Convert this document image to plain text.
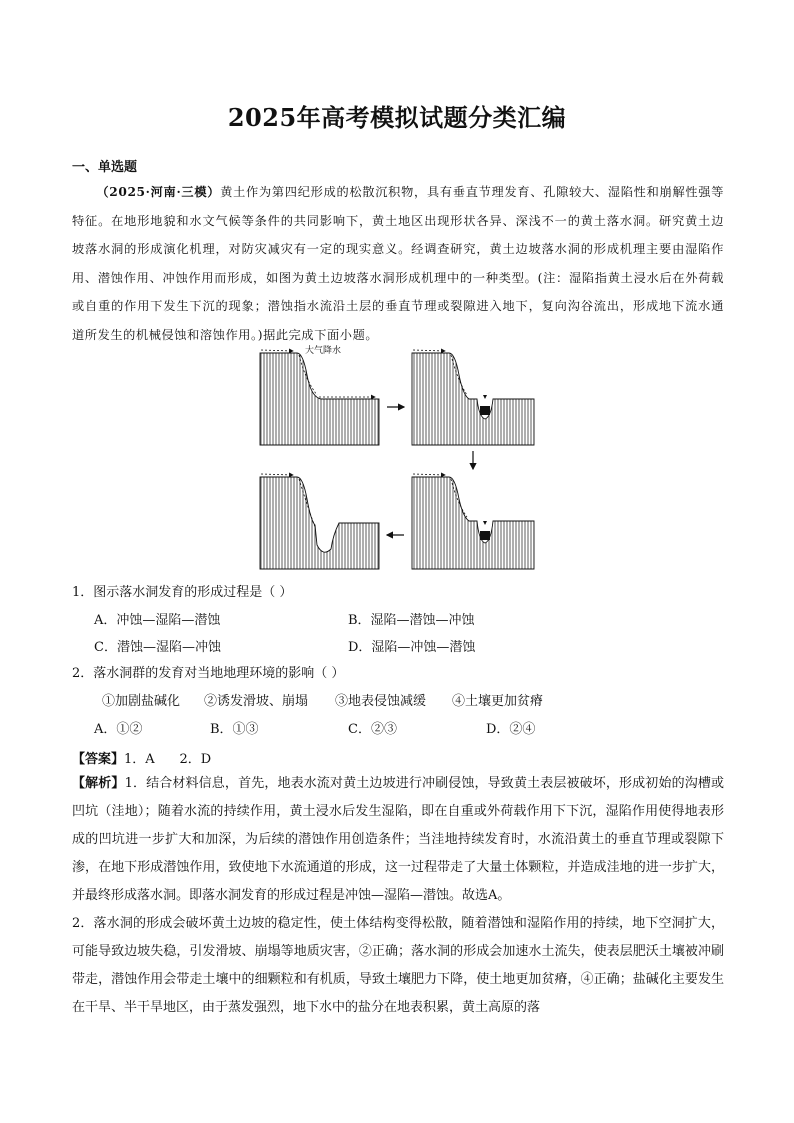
2025年高考模拟试题分类汇编
一、单选题
（2025·河南·三模）黄土作为第四纪形成的松散沉积物，具有垂直节理发育、孔隙较大、湿陷性和崩解性强等特征。在地形地貌和水文气候等条件的共同影响下，黄土地区出现形状各异、深浅不一的黄土落水洞。研究黄土边坡落水洞的形成演化机理，对防灾减灾有一定的现实意义。经调查研究，黄土边坡落水洞的形成机理主要由湿陷作用、潜蚀作用、冲蚀作用而形成，如图为黄土边坡落水洞形成机理中的一种类型。(注：湿陷指黄土浸水后在外荷载或自重的作用下发生下沉的现象；潜蚀指水流沿土层的垂直节理或裂隙进入地下，复向沟谷流出，形成地下流水通道所发生的机械侵蚀和溶蚀作用。)据此完成下面小题。
大气降水
1．图示落水洞发育的形成过程是（ ）
A．冲蚀—湿陷—潜蚀	B．湿陷—潜蚀—冲蚀
C．潜蚀—湿陷—冲蚀	D．湿陷—冲蚀—潜蚀
2．落水洞群的发育对当地地理环境的影响（ ）
①加剧盐碱化 ②诱发滑坡、崩塌 ③地表侵蚀减缓 ④土壤更加贫瘠
A．①②	B．①③	C．②③	D．②④
【答案】1．A      2．D

【解析】1．结合材料信息，首先，地表水流对黄土边坡进行冲刷侵蚀，导致黄土表层被破坏，形成初始的沟槽或凹坑（洼地）；随着水流的持续作用，黄土浸水后发生湿陷，即在自重或外荷载作用下下沉，湿陷作用使得地表形成的凹坑进一步扩大和加深，为后续的潜蚀作用创造条件；当洼地持续发育时，水流沿黄土的垂直节理或裂隙下渗，在地下形成潜蚀作用，致使地下水流通道的形成，这一过程带走了大量土体颗粒，并造成洼地的进一步扩大，并最终形成落水洞。即落水洞发育的形成过程是冲蚀—湿陷—潜蚀。故选A。

2．落水洞的形成会破坏黄土边坡的稳定性，使土体结构变得松散，随着潜蚀和湿陷作用的持续，地下空洞扩大，可能导致边坡失稳，引发滑坡、崩塌等地质灾害，②正确；落水洞的形成会加速水土流失，使表层肥沃土壤被冲刷带走，潜蚀作用会带走土壤中的细颗粒和有机质，导致土壤肥力下降，使土地更加贫瘠，④正确；盐碱化主要发生在干旱、半干旱地区，由于蒸发强烈，地下水中的盐分在地表积累，黄土高原的落
